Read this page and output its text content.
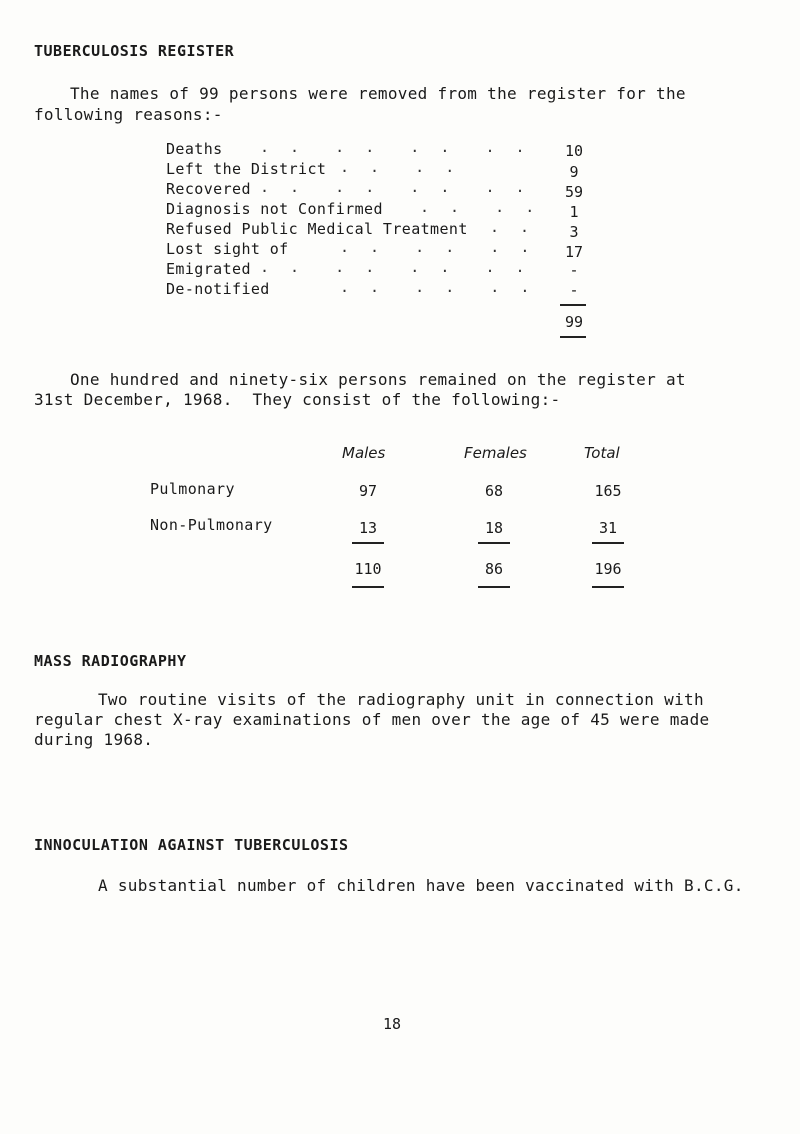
TUBERCULOSIS REGISTER
The names of 99 persons were removed from the register for the
following reasons:-
Deaths . .  . .  . .  . .	10
Left the District . .  . .	9
Recovered . .  . .  . .  . .	59
Diagnosis not Confirmed . .  . .	1
Refused Public Medical Treatment . .	3
Lost sight of	. .  . .  . .	17
Emigrated . .  . .  . .  . .	-
De-notified	. .  . .  . .	-
99
One hundred and ninety-six persons remained on the register at
31st December, 1968.  They consist of the following:-
Males	Females	Total
Pulmonary	97	68	165
Non-Pulmonary	13	18	31
110	86	196
MASS RADIOGRAPHY
Two routine visits of the radiography unit in connection with
regular chest X-ray examinations of men over the age of 45 were made
during 1968.
INNOCULATION AGAINST TUBERCULOSIS
A substantial number of children have been vaccinated with B.C.G.
18
